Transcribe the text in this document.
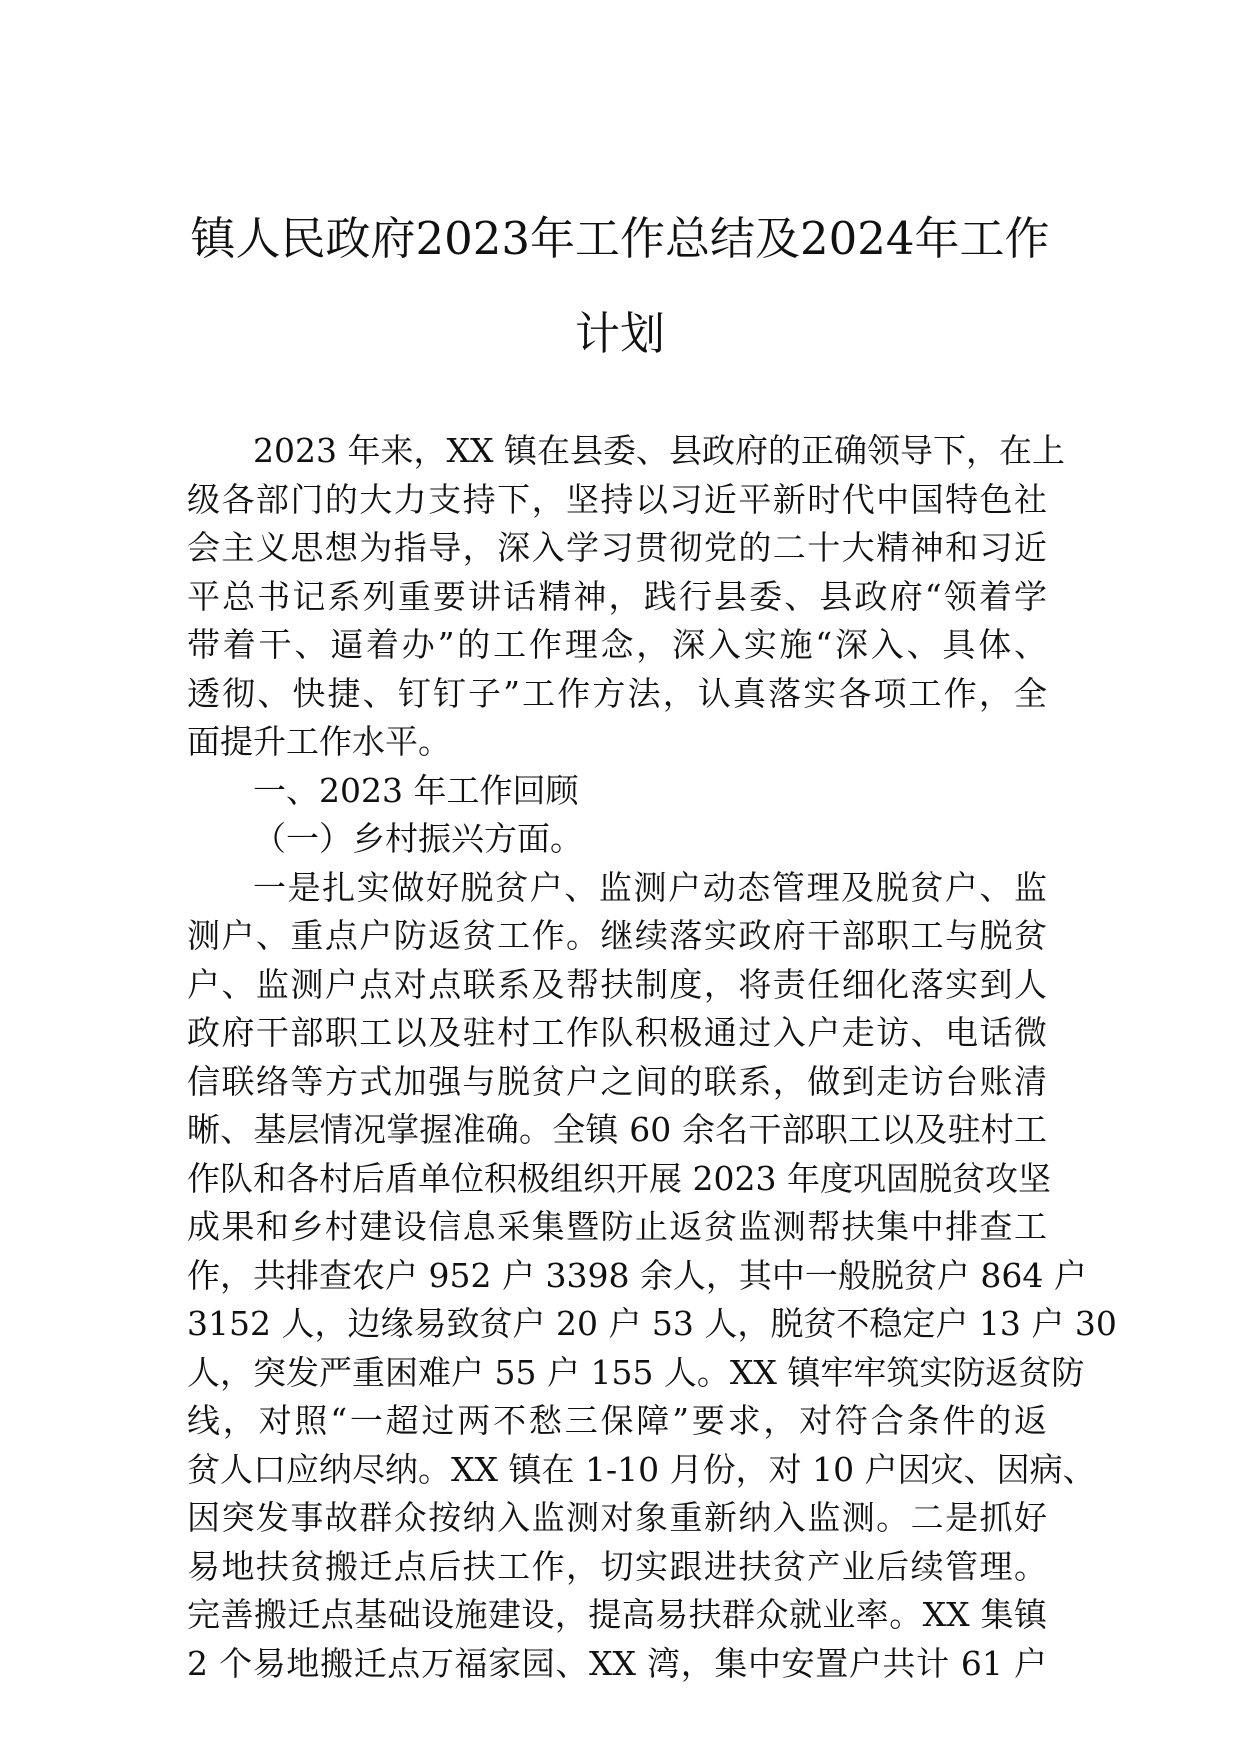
镇人民政府2023年工作总结及2024年工作
计划
2023 年来，XX 镇在县委、县政府的正确领导下，在上
级各部门的大力支持下，坚持以习近平新时代中国特色社
会主义思想为指导，深入学习贯彻党的二十大精神和习近
平总书记系列重要讲话精神，践行县委、县政府“领着学
带着干、逼着办”的工作理念，深入实施“深入、具体、
透彻、快捷、钉钉子”工作方法，认真落实各项工作，全
面提升工作水平。
一、2023 年工作回顾
（一）乡村振兴方面。
一是扎实做好脱贫户、监测户动态管理及脱贫户、监
测户、重点户防返贫工作。继续落实政府干部职工与脱贫
户、监测户点对点联系及帮扶制度，将责任细化落实到人
政府干部职工以及驻村工作队积极通过入户走访、电话微
信联络等方式加强与脱贫户之间的联系，做到走访台账清
晰、基层情况掌握准确。全镇 60 余名干部职工以及驻村工
作队和各村后盾单位积极组织开展 2023 年度巩固脱贫攻坚
成果和乡村建设信息采集暨防止返贫监测帮扶集中排查工
作，共排查农户 952 户 3398 余人，其中一般脱贫户 864 户
3152 人，边缘易致贫户 20 户 53 人，脱贫不稳定户 13 户 30
人，突发严重困难户 55 户 155 人。XX 镇牢牢筑实防返贫防
线，对照“一超过两不愁三保障”要求，对符合条件的返
贫人口应纳尽纳。XX 镇在 1-10 月份，对 10 户因灾、因病、
因突发事故群众按纳入监测对象重新纳入监测。二是抓好
易地扶贫搬迁点后扶工作，切实跟进扶贫产业后续管理。
完善搬迁点基础设施建设，提高易扶群众就业率。XX 集镇
2 个易地搬迁点万福家园、XX 湾，集中安置户共计 61 户
